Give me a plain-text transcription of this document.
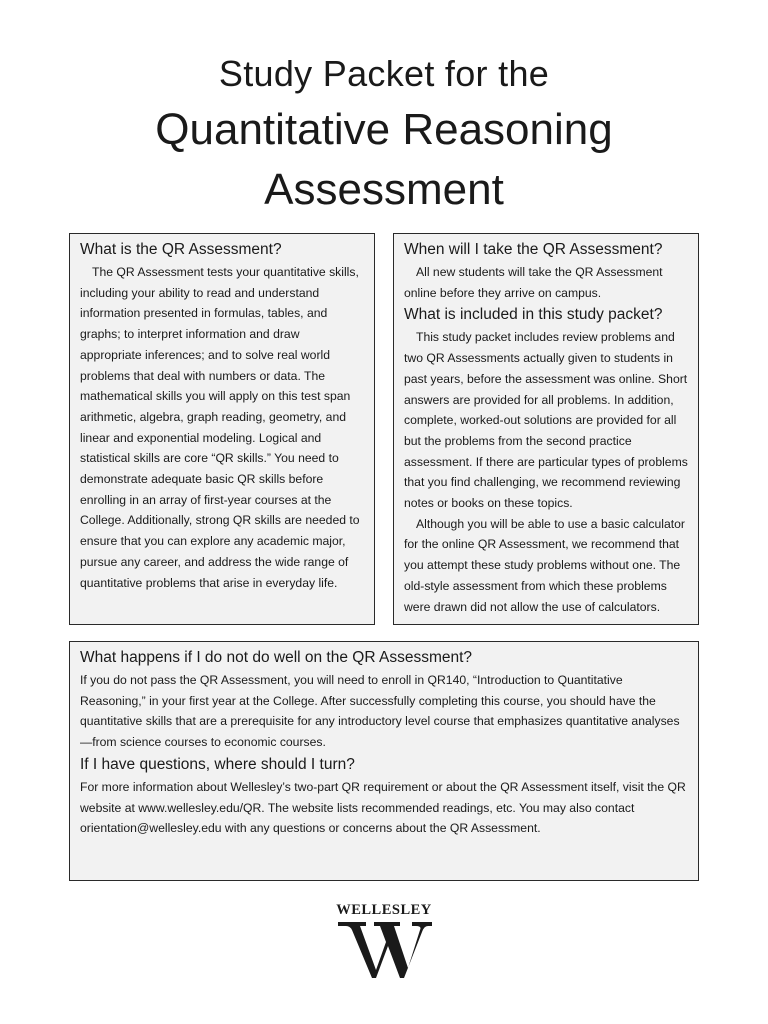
Study Packet for the
Quantitative Reasoning
Assessment
What is the QR Assessment?

The QR Assessment tests your quantitative skills, including your ability to read and understand information presented in formulas, tables, and graphs; to interpret information and draw appropriate inferences; and to solve real world problems that deal with numbers or data. The mathematical skills you will apply on this test span arithmetic, algebra, graph reading, geometry, and linear and exponential modeling. Logical and statistical skills are core “QR skills.” You need to demonstrate adequate basic QR skills before enrolling in an array of first-year courses at the College. Additionally, strong QR skills are needed to ensure that you can explore any academic major, pursue any career, and address the wide range of quantitative problems that arise in everyday life.

When will I take the QR Assessment?

All new students will take the QR Assessment online before they arrive on campus.

What is included in this study packet?

This study packet includes review problems and two QR Assessments actually given to students in past years, before the assessment was online. Short answers are provided for all problems. In addition, complete, worked-out solutions are provided for all but the problems from the second practice assessment. If there are particular types of problems that you find challenging, we recommend reviewing notes or books on these topics.

Although you will be able to use a basic calculator for the online QR Assessment, we recommend that you attempt these study problems without one. The old-style assessment from which these problems were drawn did not allow the use of calculators.

What happens if I do not do well on the QR Assessment?

If you do not pass the QR Assessment, you will need to enroll in QR140, “Introduction to Quantitative Reasoning,” in your first year at the College. After successfully completing this course, you should have the quantitative skills that are a prerequisite for any introductory level course that emphasizes quantitative analyses—from science courses to economic courses.

If I have questions, where should I turn?

For more information about Wellesley’s two-part QR requirement or about the QR Assessment itself, visit the QR website at www.wellesley.edu/QR. The website lists recommended readings, etc. You may also contact orientation@wellesley.edu with any questions or concerns about the QR Assessment.

WELLESLEY
